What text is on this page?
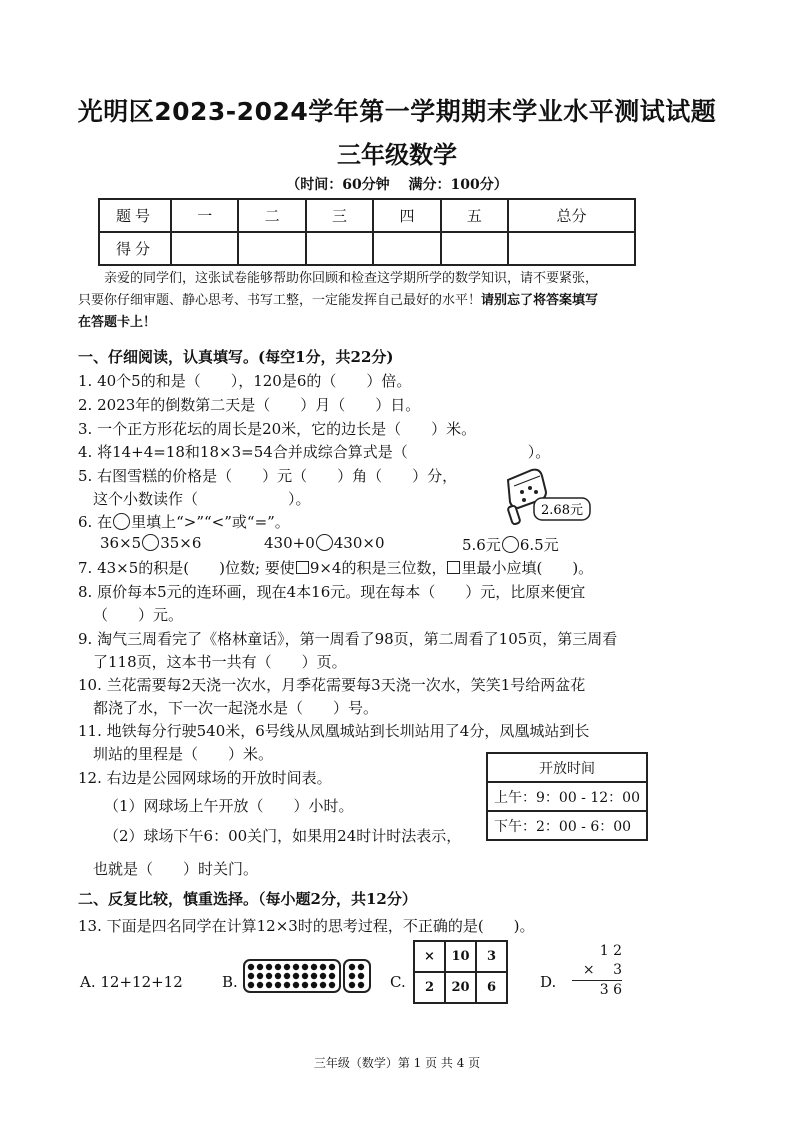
光明区2023-2024学年第一学期期末学业水平测试试题
三年级数学
（时间：60分钟　 满分：100分）
题号	一	二	三	四	五	总分
得分						
亲爱的同学们，这张试卷能够帮助你回顾和检查这学期所学的数学知识，请不要紧张，
只要你仔细审题、静心思考、书写工整，一定能发挥自己最好的水平！请别忘了将答案填写
在答题卡上！
一、仔细阅读，认真填写。(每空1分，共22分)
1. 40个5的和是（　　），120是6的（　　）倍。
2. 2023年的倒数第二天是（　　）月（　　）日。
3. 一个正方形花坛的周长是20米，它的边长是（　　）米。
4. 将14+4=18和18×3=54合并成综合算式是（　　　　　　　　）。
5. 右图雪糕的价格是（　　）元（　　）角（　　）分，
这个小数读作（　　　　　　）。
2.68元
6. 在 里填上“>”“<”或“=”。
36×5 35×6	430+0 430×0	5.6元 6.5元
7. 43×5的积是(　　)位数; 要使 9×4的积是三位数， 里最小应填(　　)。
8. 原价每本5元的连环画，现在4本16元。现在每本（　　）元，比原来便宜
（　　）元。
9. 淘气三周看完了《格林童话》，第一周看了98页，第二周看了105页，第三周看
了118页，这本书一共有（　　）页。
10. 兰花需要每2天浇一次水，月季花需要每3天浇一次水，笑笑1号给两盆花
都浇了水，下一次一起浇水是（　　）号。
11. 地铁每分行驶540米，6号线从凤凰城站到长圳站用了4分，凤凰城站到长
圳站的里程是（　　）米。
12. 右边是公园网球场的开放时间表。
（1）网球场上午开放（　　）小时。
（2）球场下午6：00关门，如果用24时计时法表示，
也就是（　　）时关门。
开放时间
上午：9：00 - 12：00
下午：2：00 - 6：00
二、反复比较，慎重选择。（每小题2分，共12分）
13. 下面是四名同学在计算12×3时的思考过程，不正确的是(　　)。
A. 12+12+12	B.	C.
×	10	3
2	20	6	D.
1 2
× 　3
3 6
三年级（数学）第 1 页 共 4 页
